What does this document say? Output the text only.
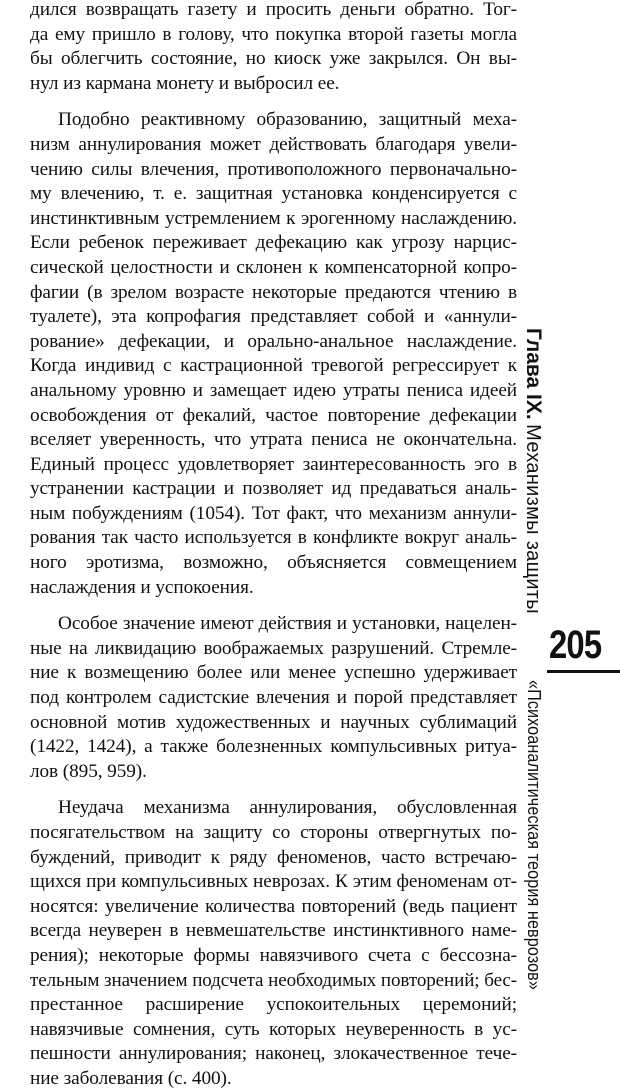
дился возвращать газету и просить деньги обратно. Тог-
да ему пришло в голову, что покупка второй газеты могла
бы облегчить состояние, но киоск уже закрылся. Он вы-
нул из кармана монету и выбросил ее.
Подобно реактивному образованию, защитный меха-
низм аннулирования может действовать благодаря увели-
чению силы влечения, противоположного первоначально-
му влечению, т. е. защитная установка конденсируется с
инстинктивным устремлением к эрогенному наслаждению.
Если ребенок переживает дефекацию как угрозу нарцис-
сической целостности и склонен к компенсаторной копро-
фагии (в зрелом возрасте некоторые предаются чтению в
туалете), эта копрофагия представляет собой и «аннули-
рование» дефекации, и орально-анальное наслаждение.
Когда индивид с кастрационной тревогой регрессирует к
анальному уровню и замещает идею утраты пениса идеей
освобождения от фекалий, частое повторение дефекации
вселяет уверенность, что утрата пениса не окончательна.
Единый процесс удовлетворяет заинтересованность эго в
устранении кастрации и позволяет ид предаваться аналь-
ным побуждениям (1054). Тот факт, что механизм аннули-
рования так часто используется в конфликте вокруг аналь-
ного эротизма, возможно, объясняется совмещением
наслаждения и успокоения.
Особое значение имеют действия и установки, нацелен-
ные на ликвидацию воображаемых разрушений. Стремле-
ние к возмещению более или менее успешно удерживает
под контролем садистские влечения и порой представляет
основной мотив художественных и научных сублимаций
(1422, 1424), а также болезненных компульсивных ритуа-
лов (895, 959).
Неудача механизма аннулирования, обусловленная
посягательством на защиту со стороны отвергнутых по-
буждений, приводит к ряду феноменов, часто встречаю-
щихся при компульсивных неврозах. К этим феноменам от-
носятся: увеличение количества повторений (ведь пациент
всегда неуверен в невмешательстве инстинктивного наме-
рения); некоторые формы навязчивого счета с бессозна-
тельным значением подсчета необходимых повторений; бес-
престанное расширение успокоительных церемоний;
навязчивые сомнения, суть которых неуверенность в ус-
пешности аннулирования; наконец, злокачественное тече-
ние заболевания (с. 400).
Глава IX. Механизмы защиты
205
«Психоаналитическая теория неврозов»
